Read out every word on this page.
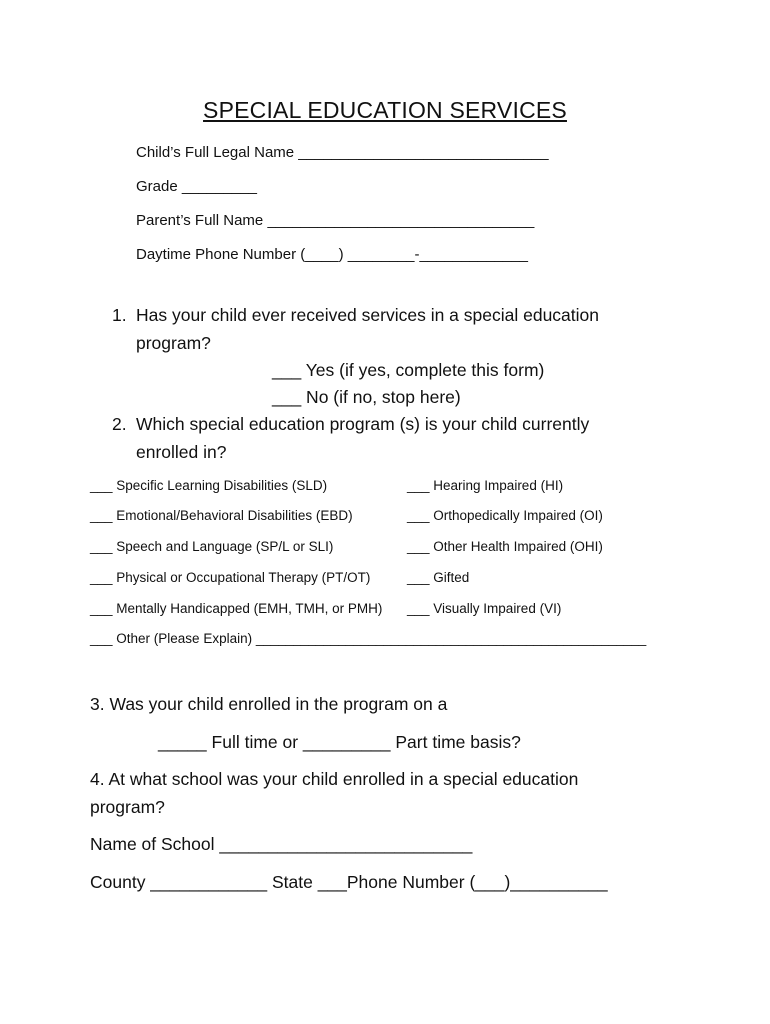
SPECIAL EDUCATION SERVICES
Child’s Full Legal Name ______________________________
Grade _________
Parent’s Full Name ________________________________
Daytime Phone Number (____) ________-_____________
1. Has your child ever received services in a special education
program?
___ Yes (if yes, complete this form)
___ No (if no, stop here)
2. Which special education program (s) is your child currently
enrolled in?
___ Specific Learning Disabilities (SLD)
___ Emotional/Behavioral Disabilities (EBD)
___ Speech and Language (SP/L or SLI)
___ Physical or Occupational Therapy (PT/OT)
___ Mentally Handicapped (EMH, TMH, or PMH)
___ Hearing Impaired (HI)
___ Orthopedically Impaired (OI)
___ Other Health Impaired (OHI)
___ Gifted
___ Visually Impaired (VI)
___ Other (Please Explain) ____________________________________________________
3. Was your child enrolled in the program on a
_____ Full time or _________ Part time basis?
4. At what school was your child enrolled in a special education
program?
Name of School __________________________
County ____________ State ___Phone Number (___)__________
